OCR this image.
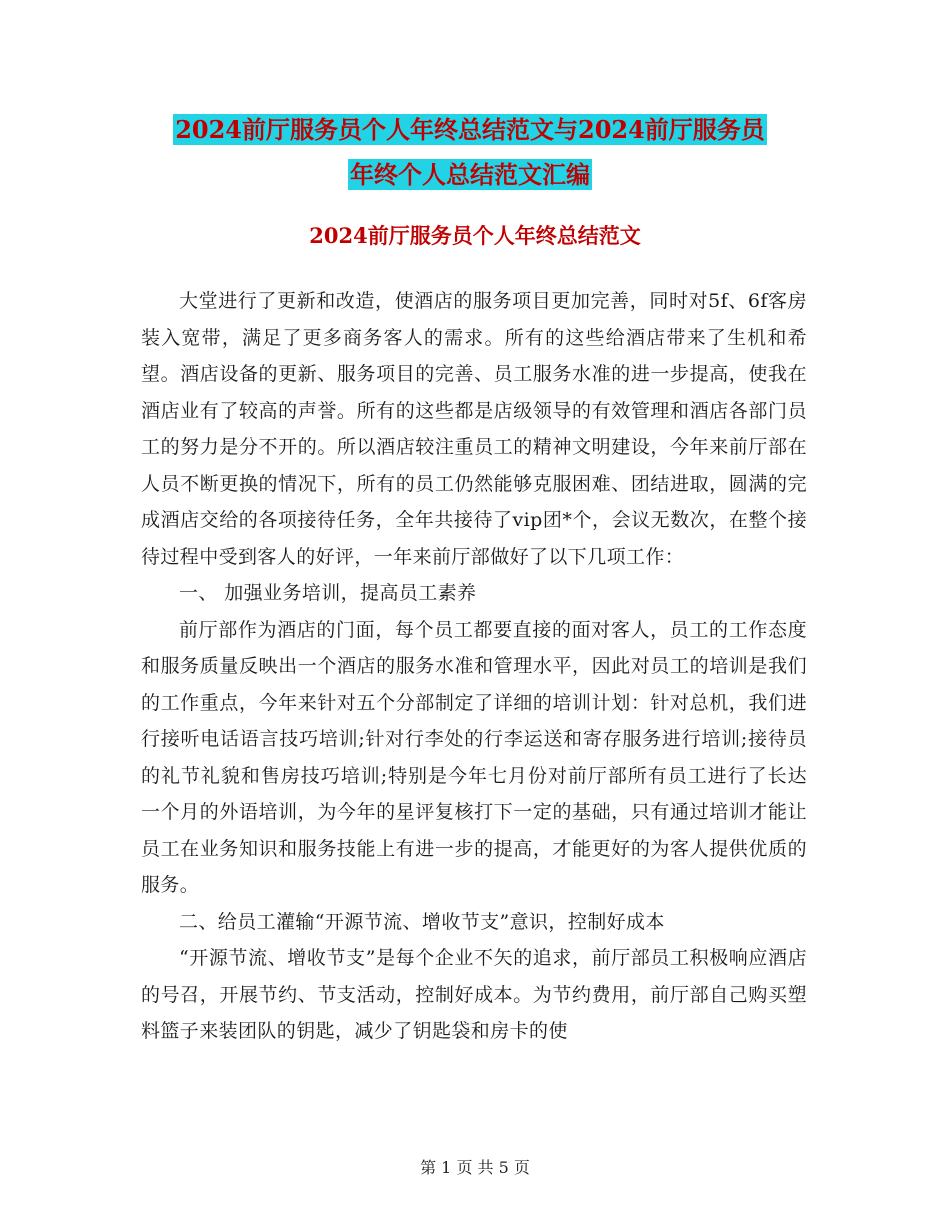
2024前厅服务员个人年终总结范文与2024前厅服务员
年终个人总结范文汇编
2024前厅服务员个人年终总结范文

大堂进行了更新和改造，使酒店的服务项目更加完善，同时对5f、6f客房装入宽带，满足了更多商务客人的需求。所有的这些给酒店带来了生机和希望。酒店设备的更新、服务项目的完善、员工服务水准的进一步提高，使我在酒店业有了较高的声誉。所有的这些都是店级领导的有效管理和酒店各部门员工的努力是分不开的。所以酒店较注重员工的精神文明建设，今年来前厅部在人员不断更换的情况下，所有的员工仍然能够克服困难、团结进取，圆满的完成酒店交给的各项接待任务，全年共接待了vip团*个，会议无数次，在整个接待过程中受到客人的好评，一年来前厅部做好了以下几项工作：

一、 加强业务培训，提高员工素养

前厅部作为酒店的门面，每个员工都要直接的面对客人，员工的工作态度和服务质量反映出一个酒店的服务水准和管理水平，因此对员工的培训是我们的工作重点，今年来针对五个分部制定了详细的培训计划：针对总机，我们进行接听电话语言技巧培训;针对行李处的行李运送和寄存服务进行培训;接待员的礼节礼貌和售房技巧培训;特别是今年七月份对前厅部所有员工进行了长达一个月的外语培训，为今年的星评复核打下一定的基础，只有通过培训才能让员工在业务知识和服务技能上有进一步的提高，才能更好的为客人提供优质的服务。

二、给员工灌输“开源节流、增收节支”意识，控制好成本

“开源节流、增收节支”是每个企业不矢的追求，前厅部员工积极响应酒店的号召，开展节约、节支活动，控制好成本。为节约费用，前厅部自己购买塑料篮子来装团队的钥匙，减少了钥匙袋和房卡的使

第 1 页 共 5 页
